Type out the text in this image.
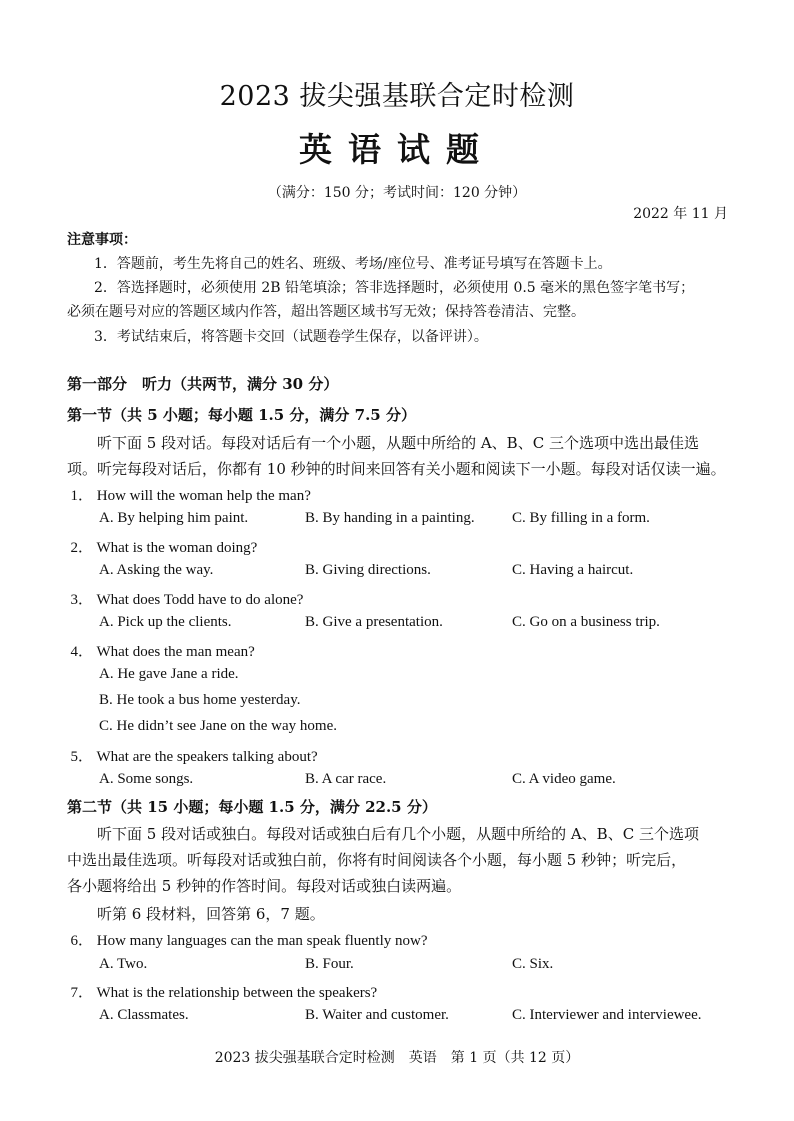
2023 拔尖强基联合定时检测
英语试题
（满分：150 分；考试时间：120 分钟）
2022 年 11 月
注意事项：
1．答题前，考生先将自己的姓名、班级、考场/座位号、准考证号填写在答题卡上。
2．答选择题时，必须使用 2B 铅笔填涂；答非选择题时，必须使用 0.5 毫米的黑色签字笔书写；
必须在题号对应的答题区域内作答，超出答题区域书写无效；保持答卷清洁、完整。
3．考试结束后，将答题卡交回（试题卷学生保存，以备评讲）。
第一部分　听力（共两节，满分 30 分）
第一节（共 5 小题；每小题 1.5 分，满分 7.5 分）
听下面 5 段对话。每段对话后有一个小题，从题中所给的 A、B、C 三个选项中选出最佳选
项。听完每段对话后，你都有 10 秒钟的时间来回答有关小题和阅读下一小题。每段对话仅读一遍。
1． How will the woman help the man?
A. By helping him paint.	B. By handing in a painting. C. By filling in a form.
2． What is the woman doing?
A. Asking the way.	B. Giving directions.	C. Having a haircut.
3． What does Todd have to do alone?
A. Pick up the clients.	B. Give a presentation.	C. Go on a business trip.
4． What does the man mean?
A. He gave Jane a ride.
B. He took a bus home yesterday.
C. He didn’t see Jane on the way home.
5． What are the speakers talking about?
A. Some songs.	B. A car race.	C. A video game.
第二节（共 15 小题；每小题 1.5 分，满分 22.5 分）
听下面 5 段对话或独白。每段对话或独白后有几个小题，从题中所给的 A、B、C 三个选项
中选出最佳选项。听每段对话或独白前，你将有时间阅读各个小题，每小题 5 秒钟；听完后，
各小题将给出 5 秒钟的作答时间。每段对话或独白读两遍。
听第 6 段材料，回答第 6，7 题。
6． How many languages can the man speak fluently now?
A. Two.	B. Four.	C. Six.
7． What is the relationship between the speakers?
A. Classmates.	B. Waiter and customer.	C. Interviewer and interviewee.
2023 拔尖强基联合定时检测　英语　第 1 页（共 12 页）
